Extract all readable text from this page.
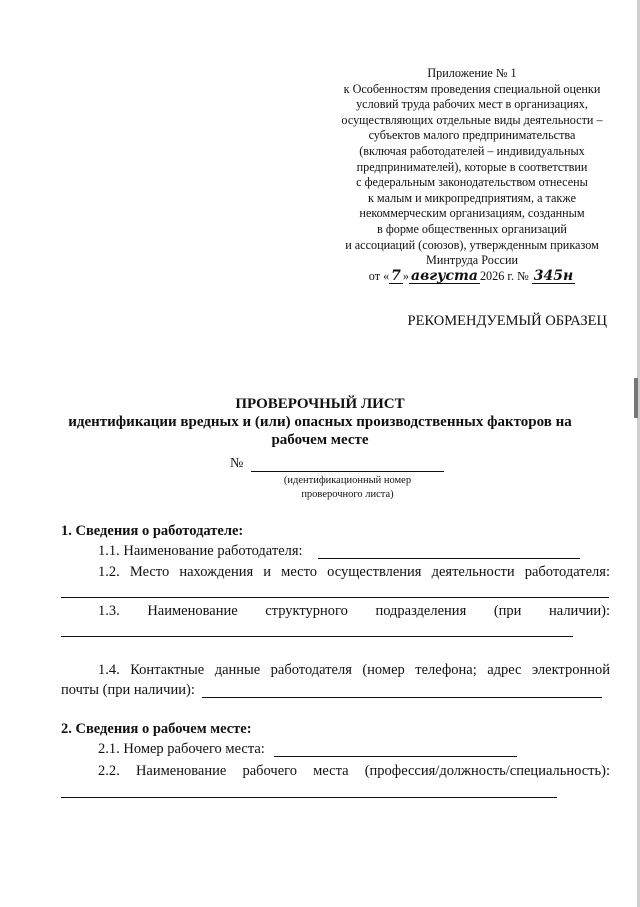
Приложение № 1
к Особенностям проведения специальной оценки
условий труда рабочих мест в организациях,
осуществляющих отдельные виды деятельности –
субъектов малого предпринимательства
(включая работодателей – индивидуальных
предпринимателей), которые в соответствии
с федеральным законодательством отнесены
к малым и микропредприятиям, а также
некоммерческим организациям, созданным
в форме общественных организаций
и ассоциаций (союзов), утвержденным приказом
Минтруда России
от « 7 » августа 2026 г. № 345н
РЕКОМЕНДУЕМЫЙ ОБРАЗЕЦ
ПРОВЕРОЧНЫЙ ЛИСТ
идентификации вредных и (или) опасных производственных факторов на
рабочем месте
№
(идентификационный номер
проверочного листа)
1. Сведения о работодателе:
1.1. Наименование работодателя:
1.2. Место нахождения и место осуществления деятельности работодателя:
1.3. Наименование структурного подразделения (при наличии):
1.4. Контактные данные работодателя (номер телефона; адрес электронной
почты (при наличии):
2. Сведения о рабочем месте:
2.1. Номер рабочего места:
2.2. Наименование рабочего места (профессия/должность/специальность):
